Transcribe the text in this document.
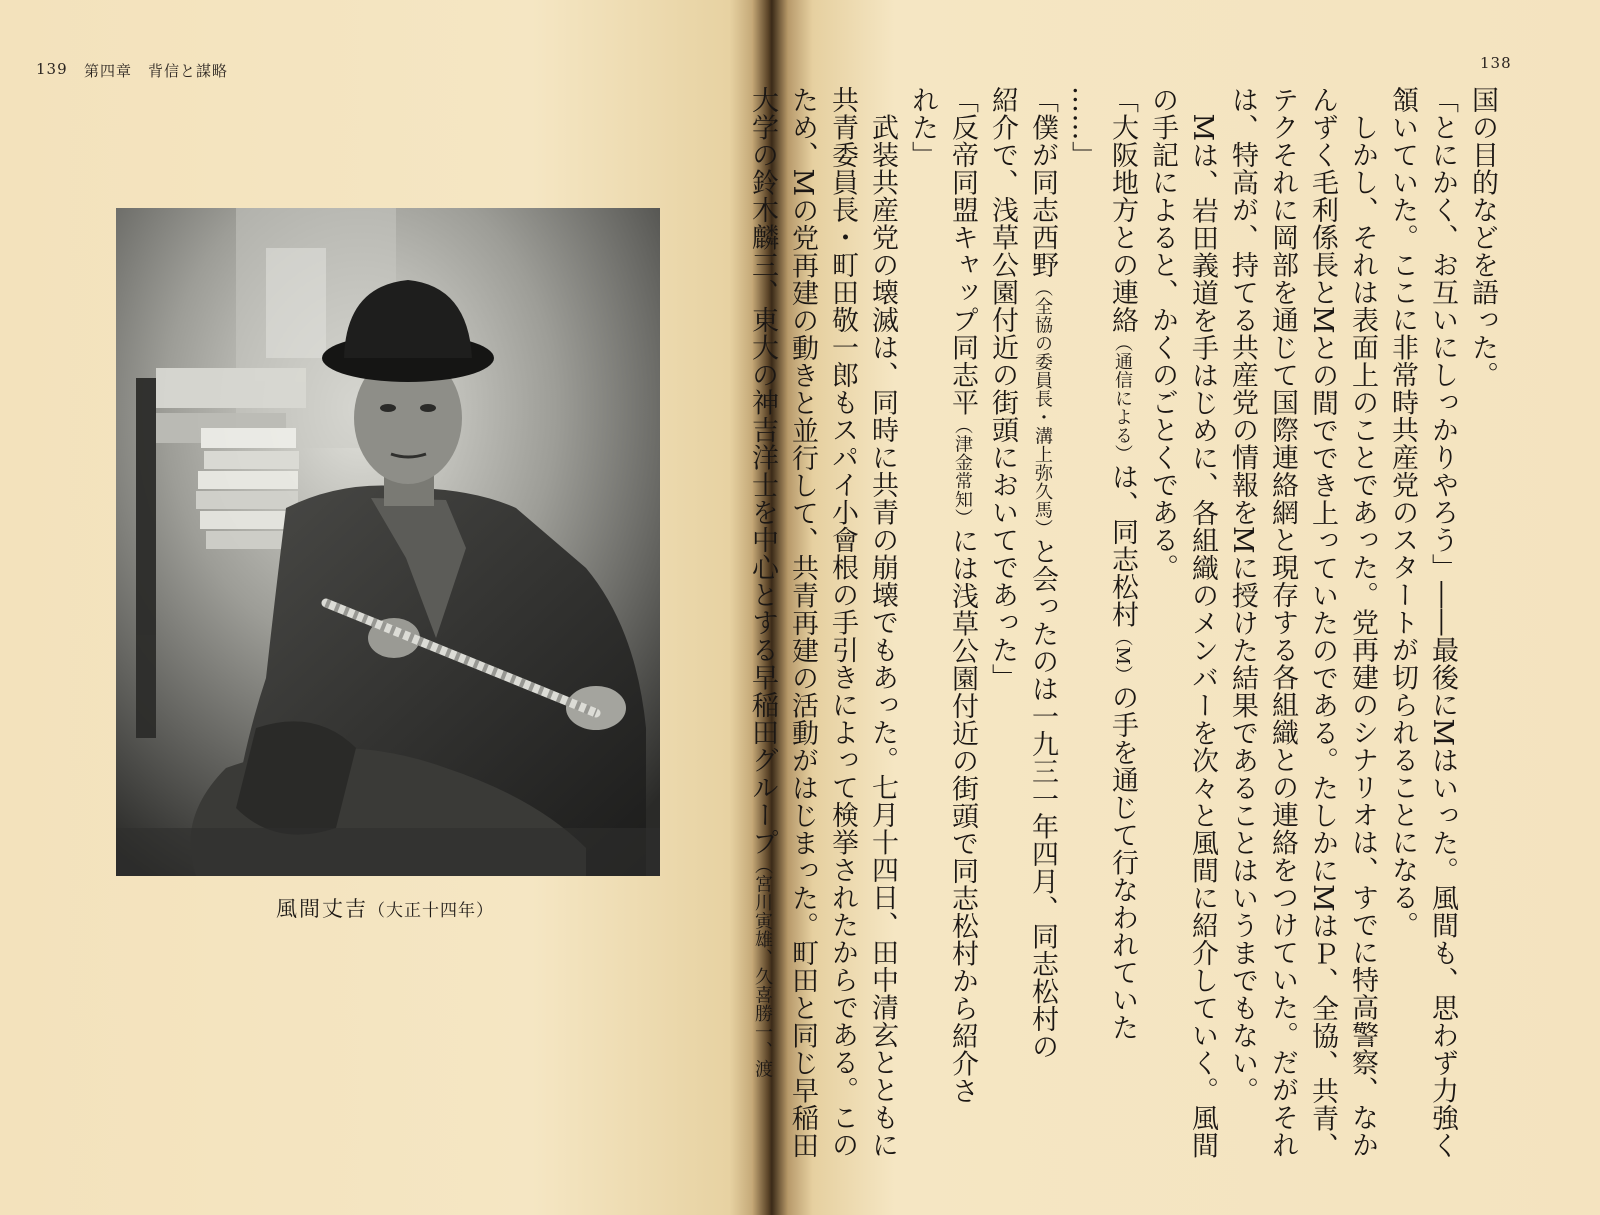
139 第四章　背信と謀略	138
風間丈吉（大正十四年）

国の目的などを語った。

「とにかく、お互いにしっかりやろう」――最後にMはいった。風間も、思わず力強く

頷いていた。ここに非常時共産党のスタートが切られることになる。

　しかし、それは表面上のことであった。党再建のシナリオは、すでに特高警察、なか

んずく毛利係長とMとの間ででき上っていたのである。たしかにMはＰ、全協、共青、

テクそれに岡部を通じて国際連絡網と現存する各組織との連絡をつけていた。だがそれ

は、特高が、持てる共産党の情報をMに授けた結果であることはいうまでもない。

　Mは、岩田義道を手はじめに、各組織のメンバーを次々と風間に紹介していく。風間

の手記によると、かくのごとくである。

「大阪地方との連絡（通信による）は、同志松村（M）の手を通じて行なわれていた

……」

「僕が同志西野（全協の委員長・溝上弥久馬）と会ったのは一九三一年四月、同志松村の

紹介で、浅草公園付近の街頭においてであった」

「反帝同盟キャップ同志平（津金常知）には浅草公園付近の街頭で同志松村から紹介さ

れた」

　武装共産党の壊滅は、同時に共青の崩壊でもあった。七月十四日、田中清玄とともに

共青委員長・町田敬一郎もスパイ小會根の手引きによって検挙されたからである。この

ため、Mの党再建の動きと並行して、共青再建の活動がはじまった。町田と同じ早稲田

大学の鈴木麟三、東大の神吉洋士を中心とする早稲田グループ（宮川寅雄、久喜勝一、渡
